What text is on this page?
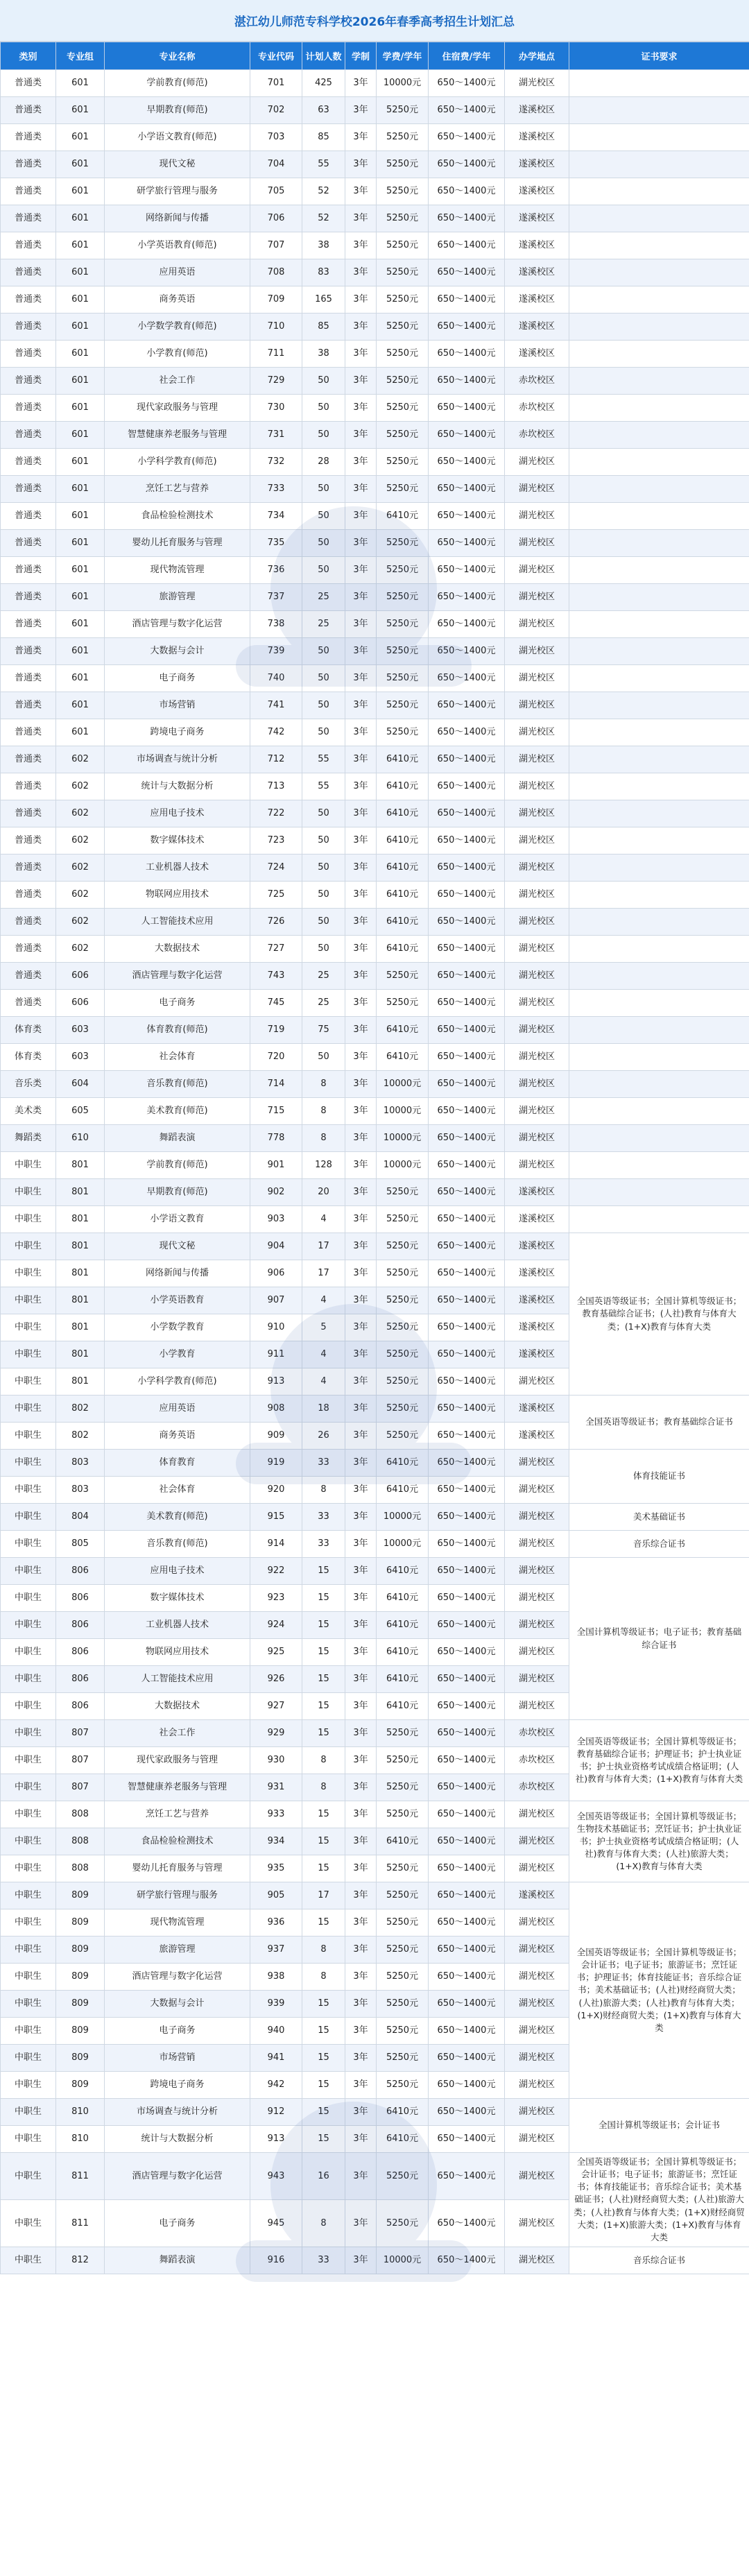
湛江幼儿师范专科学校2026年春季高考招生计划汇总
类别	专业组	专业名称	专业代码	计划人数	学制	学费/学年	住宿费/学年	办学地点	证书要求
普通类	601	学前教育(师范)	701	425	3年	10000元	650～1400元	湖光校区	
普通类	601	早期教育(师范)	702	63	3年	5250元	650～1400元	遂溪校区	
普通类	601	小学语文教育(师范)	703	85	3年	5250元	650～1400元	遂溪校区	
普通类	601	现代文秘	704	55	3年	5250元	650～1400元	遂溪校区	
普通类	601	研学旅行管理与服务	705	52	3年	5250元	650～1400元	遂溪校区	
普通类	601	网络新闻与传播	706	52	3年	5250元	650～1400元	遂溪校区	
普通类	601	小学英语教育(师范)	707	38	3年	5250元	650～1400元	遂溪校区	
普通类	601	应用英语	708	83	3年	5250元	650～1400元	遂溪校区	
普通类	601	商务英语	709	165	3年	5250元	650～1400元	遂溪校区	
普通类	601	小学数学教育(师范)	710	85	3年	5250元	650～1400元	遂溪校区	
普通类	601	小学教育(师范)	711	38	3年	5250元	650～1400元	遂溪校区	
普通类	601	社会工作	729	50	3年	5250元	650～1400元	赤坎校区	
普通类	601	现代家政服务与管理	730	50	3年	5250元	650～1400元	赤坎校区	
普通类	601	智慧健康养老服务与管理	731	50	3年	5250元	650～1400元	赤坎校区	
普通类	601	小学科学教育(师范)	732	28	3年	5250元	650～1400元	湖光校区	
普通类	601	烹饪工艺与营养	733	50	3年	5250元	650～1400元	湖光校区	
普通类	601	食品检验检测技术	734	50	3年	6410元	650～1400元	湖光校区	
普通类	601	婴幼儿托育服务与管理	735	50	3年	5250元	650～1400元	湖光校区	
普通类	601	现代物流管理	736	50	3年	5250元	650～1400元	湖光校区	
普通类	601	旅游管理	737	25	3年	5250元	650～1400元	湖光校区	
普通类	601	酒店管理与数字化运营	738	25	3年	5250元	650～1400元	湖光校区	
普通类	601	大数据与会计	739	50	3年	5250元	650～1400元	湖光校区	
普通类	601	电子商务	740	50	3年	5250元	650～1400元	湖光校区	
普通类	601	市场营销	741	50	3年	5250元	650～1400元	湖光校区	
普通类	601	跨境电子商务	742	50	3年	5250元	650～1400元	湖光校区	
普通类	602	市场调查与统计分析	712	55	3年	6410元	650～1400元	湖光校区	
普通类	602	统计与大数据分析	713	55	3年	6410元	650～1400元	湖光校区	
普通类	602	应用电子技术	722	50	3年	6410元	650～1400元	湖光校区	
普通类	602	数字媒体技术	723	50	3年	6410元	650～1400元	湖光校区	
普通类	602	工业机器人技术	724	50	3年	6410元	650～1400元	湖光校区	
普通类	602	物联网应用技术	725	50	3年	6410元	650～1400元	湖光校区	
普通类	602	人工智能技术应用	726	50	3年	6410元	650～1400元	湖光校区	
普通类	602	大数据技术	727	50	3年	6410元	650～1400元	湖光校区	
普通类	606	酒店管理与数字化运营	743	25	3年	5250元	650～1400元	湖光校区	
普通类	606	电子商务	745	25	3年	5250元	650～1400元	湖光校区	
体育类	603	体育教育(师范)	719	75	3年	6410元	650～1400元	湖光校区	
体育类	603	社会体育	720	50	3年	6410元	650～1400元	湖光校区	
音乐类	604	音乐教育(师范)	714	8	3年	10000元	650～1400元	湖光校区	
美术类	605	美术教育(师范)	715	8	3年	10000元	650～1400元	湖光校区	
舞蹈类	610	舞蹈表演	778	8	3年	10000元	650～1400元	湖光校区	
中职生	801	学前教育(师范)	901	128	3年	10000元	650～1400元	湖光校区	
中职生	801	早期教育(师范)	902	20	3年	5250元	650～1400元	遂溪校区	
中职生	801	小学语文教育	903	4	3年	5250元	650～1400元	遂溪校区	
中职生	801	现代文秘	904	17	3年	5250元	650～1400元	遂溪校区	全国英语等级证书；全国计算机等级证书；教育基础综合证书；(人社)教育与体育大类；(1+X)教育与体育大类
中职生	801	网络新闻与传播	906	17	3年	5250元	650～1400元	遂溪校区	
中职生	801	小学英语教育	907	4	3年	5250元	650～1400元	遂溪校区	
中职生	801	小学数学教育	910	5	3年	5250元	650～1400元	遂溪校区	
中职生	801	小学教育	911	4	3年	5250元	650～1400元	遂溪校区	
中职生	801	小学科学教育(师范)	913	4	3年	5250元	650～1400元	湖光校区	
中职生	802	应用英语	908	18	3年	5250元	650～1400元	遂溪校区	全国英语等级证书；教育基础综合证书
中职生	802	商务英语	909	26	3年	5250元	650～1400元	遂溪校区	
中职生	803	体育教育	919	33	3年	6410元	650～1400元	湖光校区	体育技能证书
中职生	803	社会体育	920	8	3年	6410元	650～1400元	湖光校区	
中职生	804	美术教育(师范)	915	33	3年	10000元	650～1400元	湖光校区	美术基础证书
中职生	805	音乐教育(师范)	914	33	3年	10000元	650～1400元	湖光校区	音乐综合证书
中职生	806	应用电子技术	922	15	3年	6410元	650～1400元	湖光校区	全国计算机等级证书；电子证书；教育基础综合证书
中职生	806	数字媒体技术	923	15	3年	6410元	650～1400元	湖光校区	
中职生	806	工业机器人技术	924	15	3年	6410元	650～1400元	湖光校区	
中职生	806	物联网应用技术	925	15	3年	6410元	650～1400元	湖光校区	
中职生	806	人工智能技术应用	926	15	3年	6410元	650～1400元	湖光校区	
中职生	806	大数据技术	927	15	3年	6410元	650～1400元	湖光校区	
中职生	807	社会工作	929	15	3年	5250元	650～1400元	赤坎校区	全国英语等级证书；全国计算机等级证书；教育基础综合证书；护理证书；护士执业证书；护士执业资格考试成绩合格证明；(人社)教育与体育大类；(1+X)教育与体育大类
中职生	807	现代家政服务与管理	930	8	3年	5250元	650～1400元	赤坎校区	
中职生	807	智慧健康养老服务与管理	931	8	3年	5250元	650～1400元	赤坎校区	
中职生	808	烹饪工艺与营养	933	15	3年	5250元	650～1400元	湖光校区	全国英语等级证书；全国计算机等级证书；生物技术基础证书；烹饪证书；护士执业证书；护士执业资格考试成绩合格证明；(人社)教育与体育大类；(人社)旅游大类；(1+X)教育与体育大类
中职生	808	食品检验检测技术	934	15	3年	6410元	650～1400元	湖光校区	
中职生	808	婴幼儿托育服务与管理	935	15	3年	5250元	650～1400元	湖光校区	
中职生	809	研学旅行管理与服务	905	17	3年	5250元	650～1400元	遂溪校区	全国英语等级证书；全国计算机等级证书；会计证书；电子证书；旅游证书；烹饪证书；护理证书；体育技能证书；音乐综合证书；美术基础证书；(人社)财经商贸大类；(人社)旅游大类；(人社)教育与体育大类；(1+X)财经商贸大类；(1+X)教育与体育大类
中职生	809	现代物流管理	936	15	3年	5250元	650～1400元	湖光校区	
中职生	809	旅游管理	937	8	3年	5250元	650～1400元	湖光校区	
中职生	809	酒店管理与数字化运营	938	8	3年	5250元	650～1400元	湖光校区	
中职生	809	大数据与会计	939	15	3年	5250元	650～1400元	湖光校区	
中职生	809	电子商务	940	15	3年	5250元	650～1400元	湖光校区	
中职生	809	市场营销	941	15	3年	5250元	650～1400元	湖光校区	
中职生	809	跨境电子商务	942	15	3年	5250元	650～1400元	湖光校区	
中职生	810	市场调查与统计分析	912	15	3年	6410元	650～1400元	湖光校区	全国计算机等级证书；会计证书
中职生	810	统计与大数据分析	913	15	3年	6410元	650～1400元	湖光校区	
中职生	811	酒店管理与数字化运营	943	16	3年	5250元	650～1400元	湖光校区	全国英语等级证书；全国计算机等级证书；会计证书；电子证书；旅游证书；烹饪证书；体育技能证书；音乐综合证书；美术基础证书；(人社)财经商贸大类；(人社)旅游大类；(人社)教育与体育大类；(1+X)财经商贸大类；(1+X)旅游大类；(1+X)教育与体育大类
中职生	811	电子商务	945	8	3年	5250元	650～1400元	湖光校区	
中职生	812	舞蹈表演	916	33	3年	10000元	650～1400元	湖光校区	音乐综合证书
